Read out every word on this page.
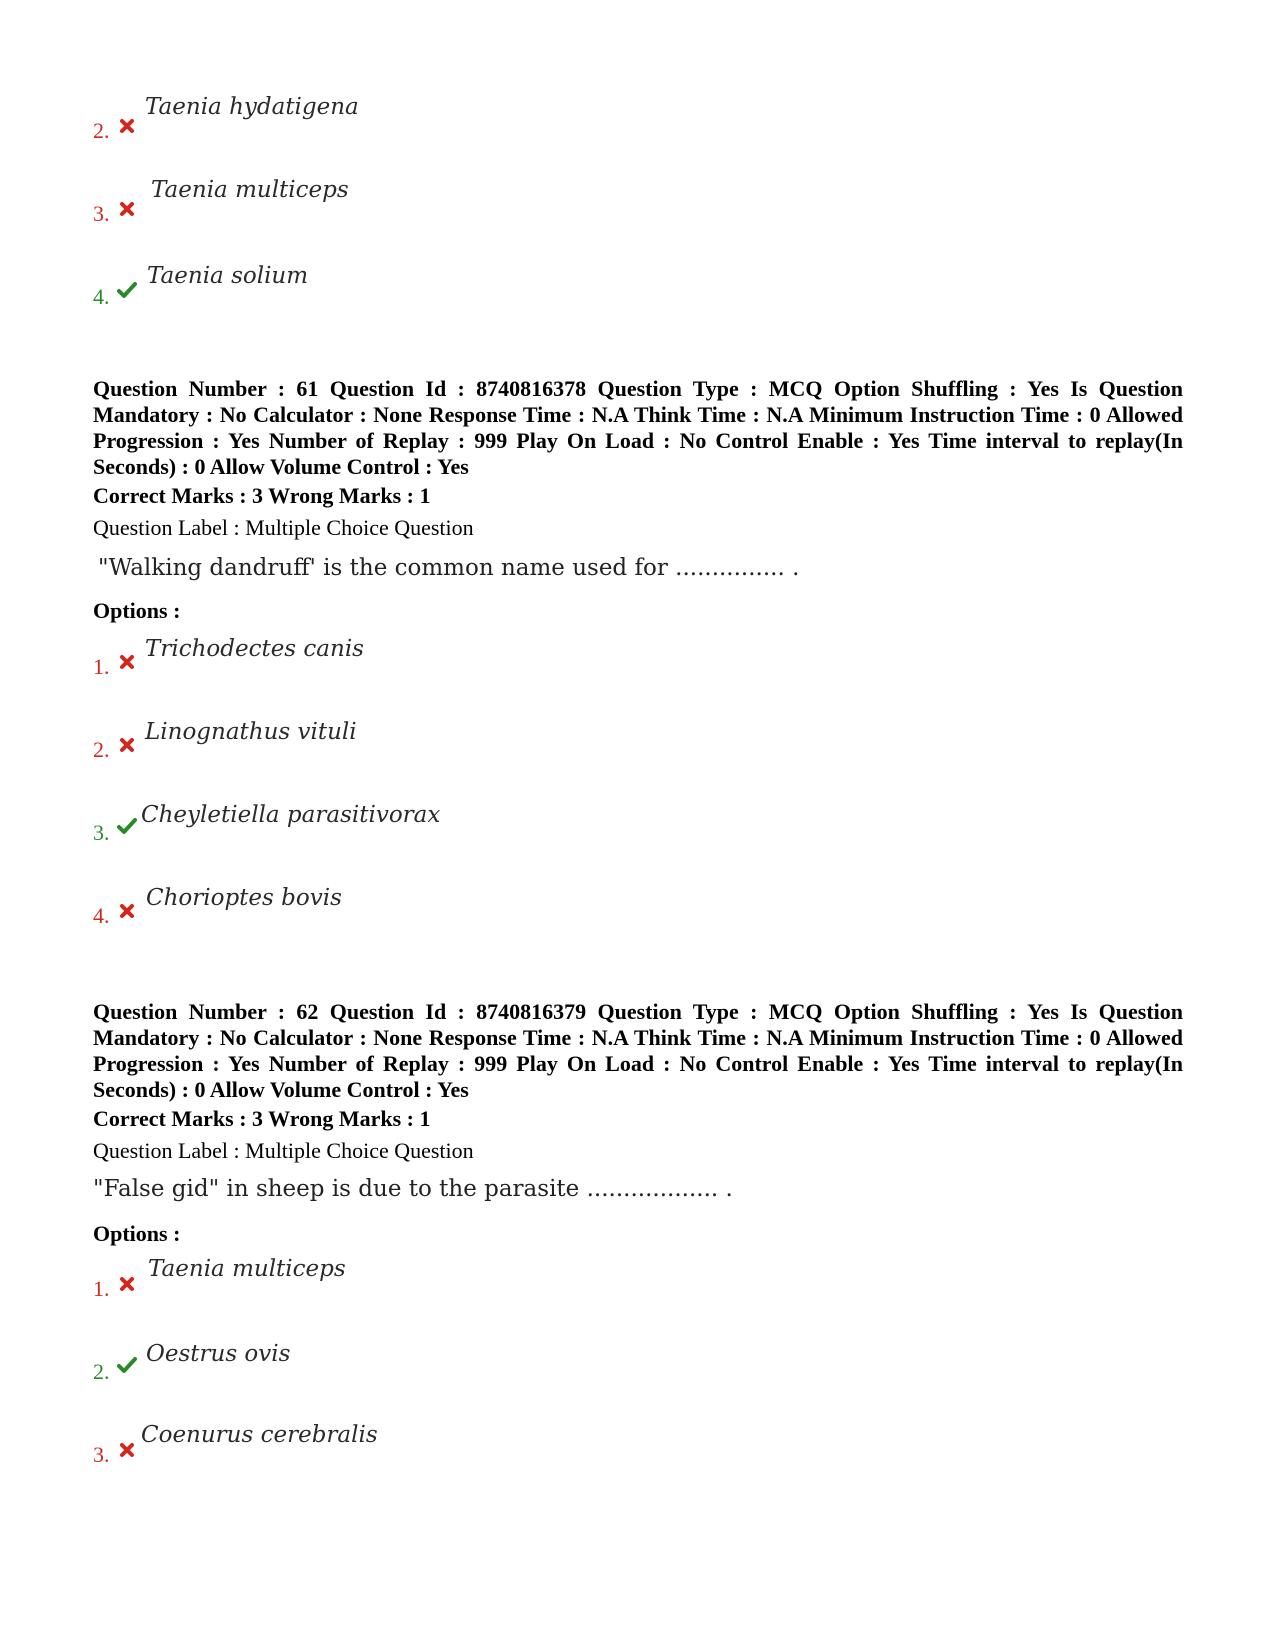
2.
Taenia hydatigena
3.
Taenia multiceps
4.
Taenia solium
Question Number : 61 Question Id : 8740816378 Question Type : MCQ Option Shuffling : Yes Is Question Mandatory : No Calculator : None Response Time : N.A Think Time : N.A Minimum Instruction Time : 0 Allowed Progression : Yes Number of Replay : 999 Play On Load : No Control Enable : Yes Time interval to replay(In Seconds) : 0 Allow Volume Control : Yes
Correct Marks : 3 Wrong Marks : 1
Question Label : Multiple Choice Question
"Walking dandruff' is the common name used for ............... .
Options :
1.
Trichodectes canis
2.
Linognathus vituli
3.
Cheyletiella parasitivorax
4.
Chorioptes bovis
Question Number : 62 Question Id : 8740816379 Question Type : MCQ Option Shuffling : Yes Is Question Mandatory : No Calculator : None Response Time : N.A Think Time : N.A Minimum Instruction Time : 0 Allowed Progression : Yes Number of Replay : 999 Play On Load : No Control Enable : Yes Time interval to replay(In Seconds) : 0 Allow Volume Control : Yes
Correct Marks : 3 Wrong Marks : 1
Question Label : Multiple Choice Question
"False gid" in sheep is due to the parasite .................. .
Options :
1.
Taenia multiceps
2.
Oestrus ovis
3.
Coenurus cerebralis
